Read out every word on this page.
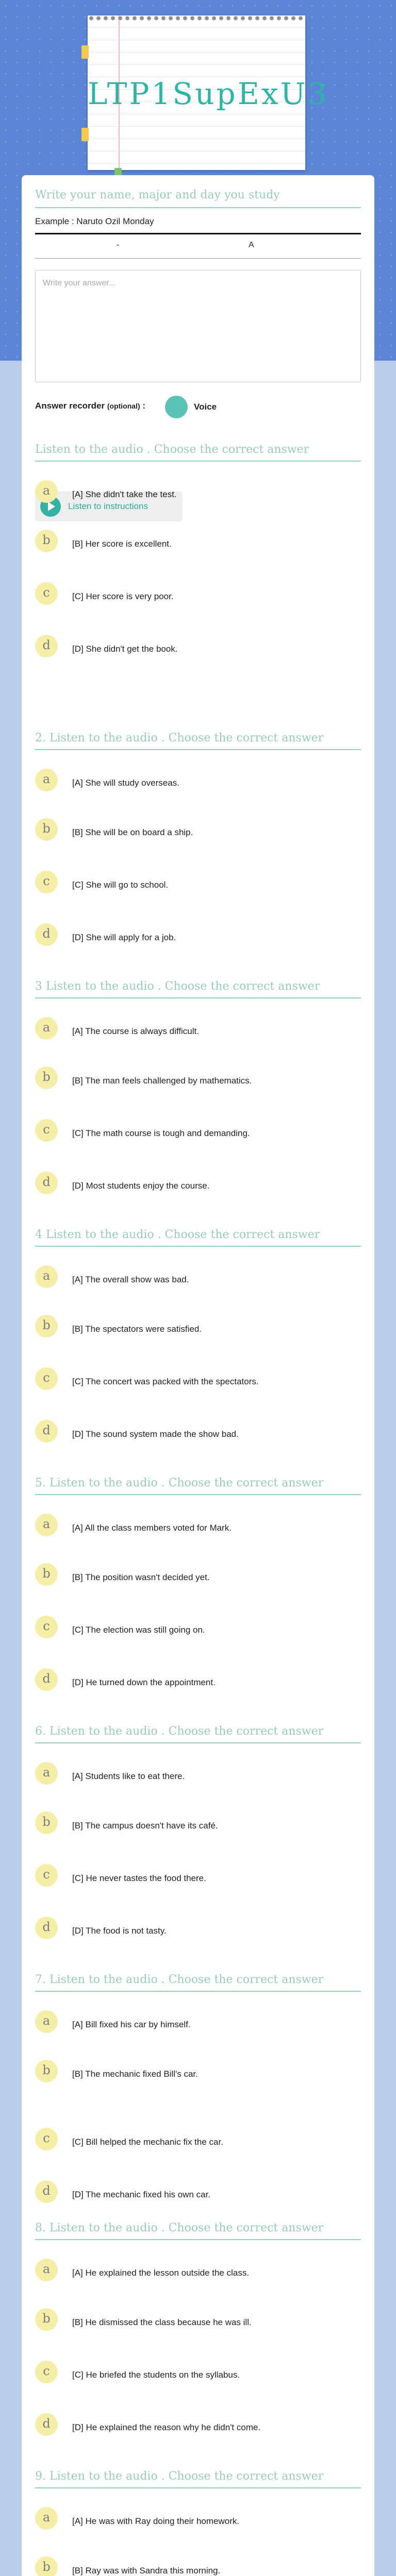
LTP1SupExU3
Write your name, major and day you study
Example : Naruto Ozil Monday
-	A
Write your answer...
Answer recorder (optional) :	Voice
Listen to instructions
Listen to the audio . Choose the correct answer
a	[A] She didn't take the test.
b	[B] Her score is excellent.
c	[C] Her score is very poor.
d	[D] She didn't get the book.
2. Listen to the audio . Choose the correct answer
a	[A] She will study overseas.
b	[B] She will be on board a ship.
c	[C] She will go to school.
d	[D] She will apply for a job.
3 Listen to the audio . Choose the correct answer
a	[A] The course is always difficult.
b	[B] The man feels challenged by mathematics.
c	[C] The math course is tough and demanding.
d	[D] Most students enjoy the course.
4 Listen to the audio . Choose the correct answer
a	[A] The overall show was bad.
b	[B] The spectators were satisfied.
c	[C] The concert was packed with the spectators.
d	[D] The sound system made the show bad.
5. Listen to the audio . Choose the correct answer
a	[A] All the class members voted for Mark.
b	[B] The position wasn't decided yet.
c	[C] The election was still going on.
d	[D] He turned down the appointment.
6. Listen to the audio . Choose the correct answer
a	[A] Students like to eat there.
b	[B] The campus doesn't have its café.
c	[C] He never tastes the food there.
d	[D] The food is not tasty.
7. Listen to the audio . Choose the correct answer
a	[A] Bill fixed his car by himself.
b	[B] The mechanic fixed Bill's car.
c	[C] Bill helped the mechanic fix the car.
d	[D] The mechanic fixed his own car.
8. Listen to the audio . Choose the correct answer
a	[A] He explained the lesson outside the class.
b	[B] He dismissed the class because he was ill.
c	[C] He briefed the students on the syllabus.
d	[D] He explained the reason why he didn't come.
9. Listen to the audio . Choose the correct answer
a	[A] He was with Ray doing their homework.
b	[B] Ray was with Sandra this morning.
